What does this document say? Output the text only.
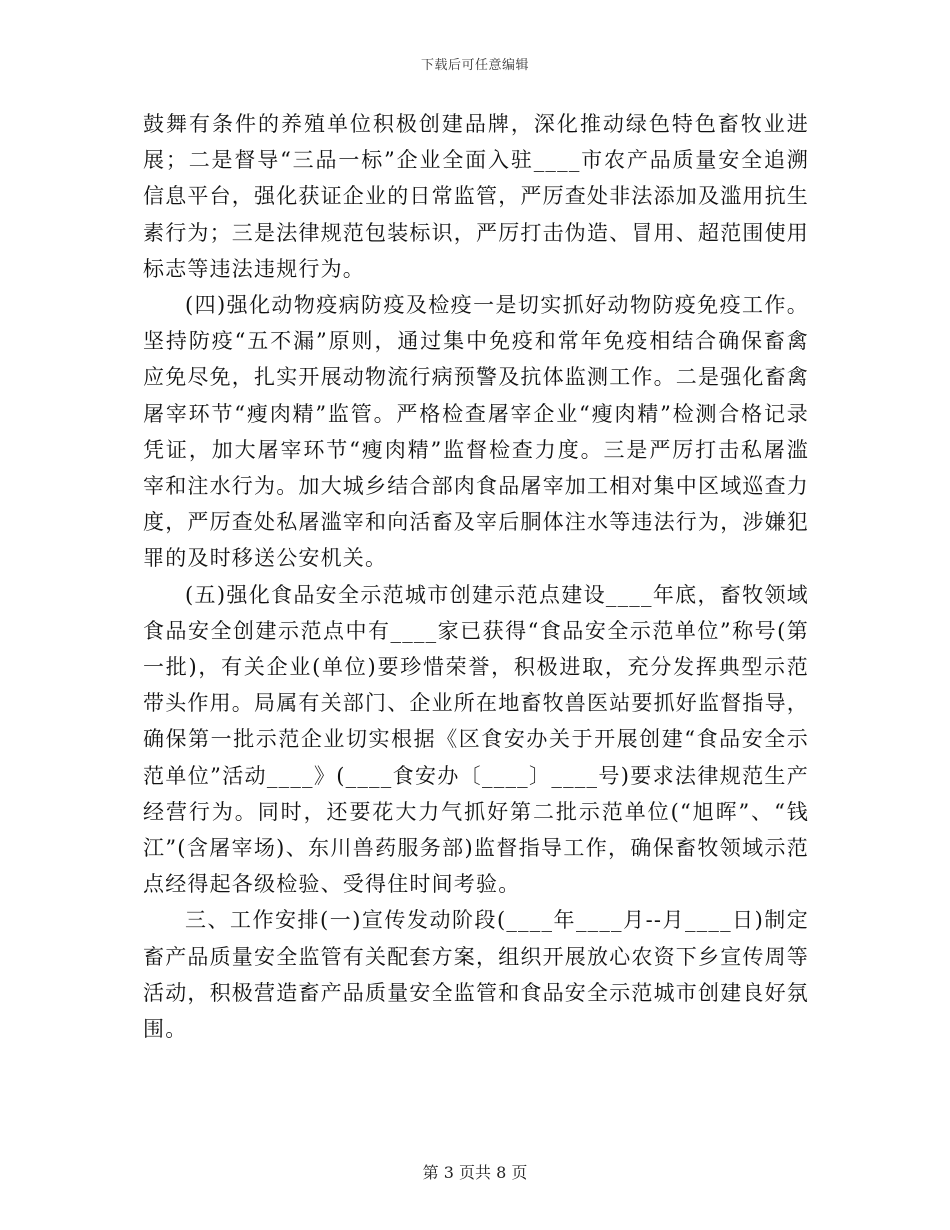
下载后可任意编辑

鼓舞有条件的养殖单位积极创建品牌，深化推动绿色特色畜牧业进展；二是督导“三品一标”企业全面入驻____市农产品质量安全追溯信息平台，强化获证企业的日常监管，严厉查处非法添加及滥用抗生素行为；三是法律规范包装标识，严厉打击伪造、冒用、超范围使用标志等违法违规行为。

(四)强化动物疫病防疫及检疫一是切实抓好动物防疫免疫工作。坚持防疫“五不漏”原则，通过集中免疫和常年免疫相结合确保畜禽应免尽免，扎实开展动物流行病预警及抗体监测工作。二是强化畜禽屠宰环节“瘦肉精”监管。严格检查屠宰企业“瘦肉精”检测合格记录凭证，加大屠宰环节“瘦肉精”监督检查力度。三是严厉打击私屠滥宰和注水行为。加大城乡结合部肉食品屠宰加工相对集中区域巡查力度，严厉查处私屠滥宰和向活畜及宰后胴体注水等违法行为，涉嫌犯罪的及时移送公安机关。

(五)强化食品安全示范城市创建示范点建设____年底，畜牧领域食品安全创建示范点中有____家已获得“食品安全示范单位”称号(第一批)，有关企业(单位)要珍惜荣誉，积极进取，充分发挥典型示范带头作用。局属有关部门、企业所在地畜牧兽医站要抓好监督指导，确保第一批示范企业切实根据《区食安办关于开展创建“食品安全示范单位”活动____》(____食安办〔____〕____号)要求法律规范生产经营行为。同时，还要花大力气抓好第二批示范单位(“旭晖”、“钱江”(含屠宰场)、东川兽药服务部)监督指导工作，确保畜牧领域示范点经得起各级检验、受得住时间考验。

三、工作安排(一)宣传发动阶段(____年____月--月____日)制定畜产品质量安全监管有关配套方案，组织开展放心农资下乡宣传周等活动，积极营造畜产品质量安全监管和食品安全示范城市创建良好氛围。

第 3 页共 8 页
